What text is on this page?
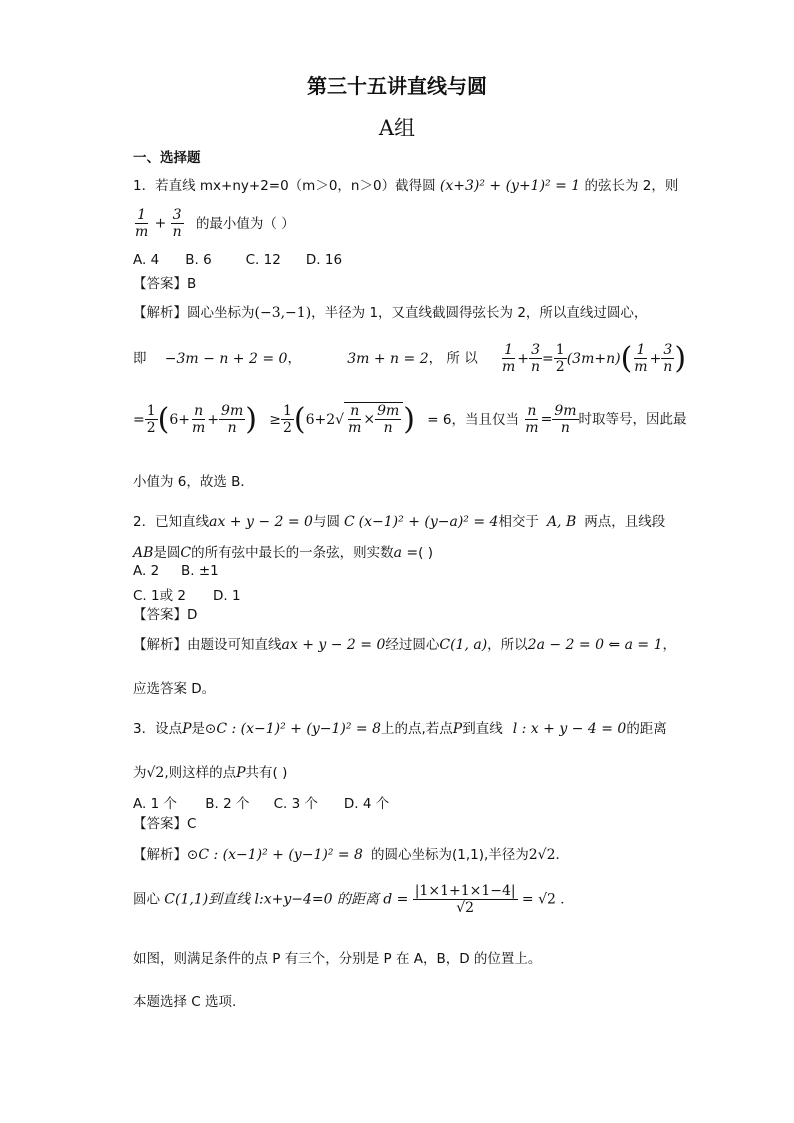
第三十五讲直线与圆
A组
一、选择题
1．若直线 mx+ny+2=0（m＞0，n＞0）截得圆 (x+3)² + (y+1)² = 1 的弦长为 2，则
$\frac{1}{m} + \frac{3}{n}$ 的最小值为（ ）
A. 4 B. 6	C. 12 D. 16
【答案】B
【解析】圆心坐标为(−3,−1)，半径为 1，又直线截圆得弦长为 2，所以直线过圆心，
即 −3m − n + 2 = 0，	3m + n = 2， 所 以 $\frac{1}{m} + \frac{3}{n} = \frac{1}{2} (3m+n)( \frac{1}{m} + \frac{3}{n}$ )
= $\frac{1}{2} (6+ \frac{n}{m} + \frac{9m}{n}$ ) ≥ $\frac{1}{2} (6+2√ \frac{n}{m} \times \frac{9m}{n}$ ) = 6，当且仅当 $\frac{n}{m} = \frac{9m}{n}$ 时取等号，因此最
小值为 6，故选 B．
2．已知直线ax + y − 2 = 0与圆 C (x−1)² + (y−a)² = 4相交于 A, B 两点，且线段
AB是圆C的所有弦中最长的一条弦，则实数a =( )
A. 2 B. ±1
C. 1或 2 D. 1
【答案】D
【解析】由题设可知直线ax + y − 2 = 0经过圆心C(1, a)，所以2a − 2 = 0 ⇐ a = 1，
应选答案 D。
3．设点P是⊙C : (x−1)² + (y−1)² = 8上的点,若点P到直线 l : x + y − 4 = 0的距离
为√2,则这样的点P共有( )
A. 1 个 B. 2 个 C. 3 个 D. 4 个
【答案】C
【解析】⊙C : (x−1)² + (y−1)² = 8 的圆心坐标为(1,1),半径为2√2．
圆心 C(1,1)到直线 l:x+y−4=0 的距离 $d = \frac{|1\times 1+1\times 1-4|}{√2} = √2$ ．
如图，则满足条件的点 P 有三个，分别是 P 在 A，B，D 的位置上。
本题选择 C 选项.
